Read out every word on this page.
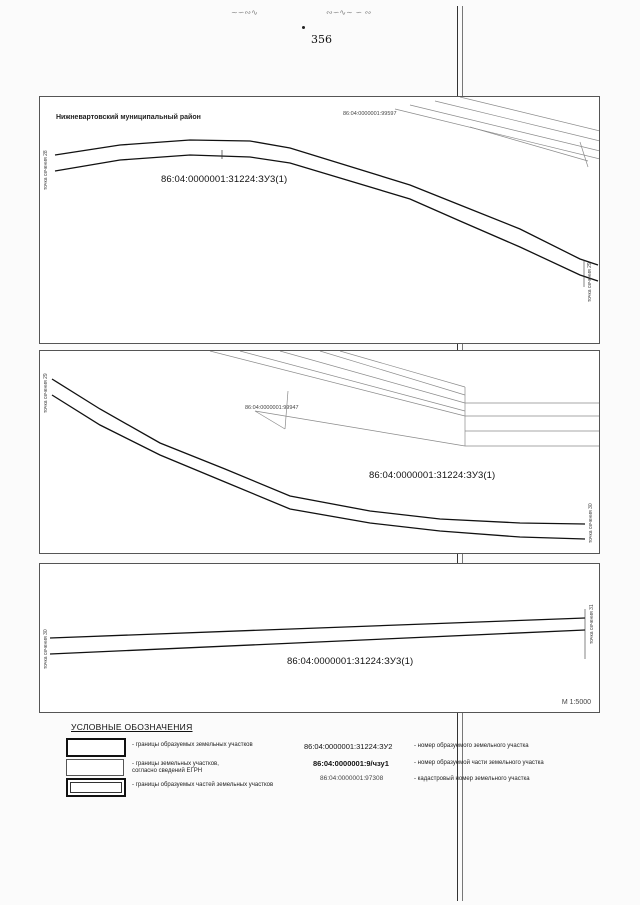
~∽∾∿	∾∽∿∼ ∽ ∾
356
Нижневартовский муниципальный район	86:04:0000001:99597
86:04:0000001:31224:ЗУ3(1)
точка сечения 28
точка сечения 29
86:04:0000001:99947
86:04:0000001:31224:ЗУ3(1)
точка сечения 29
точка сечения 30
86:04:0000001:31224:ЗУ3(1)
точка сечения 30
точка сечения 31
М 1:5000
УСЛОВНЫЕ ОБОЗНАЧЕНИЯ
- границы образуемых земельных участков
- границы земельных участков, согласно сведений ЕГРН
- границы образуемых частей земельных участков
86:04:0000001:31224:ЗУ2	- номер образуемого земельного участка
86:04:0000001:9/чзу1	- номер образуемой части земельного участка
86:04:0000001:97308	- кадастровый номер земельного участка
